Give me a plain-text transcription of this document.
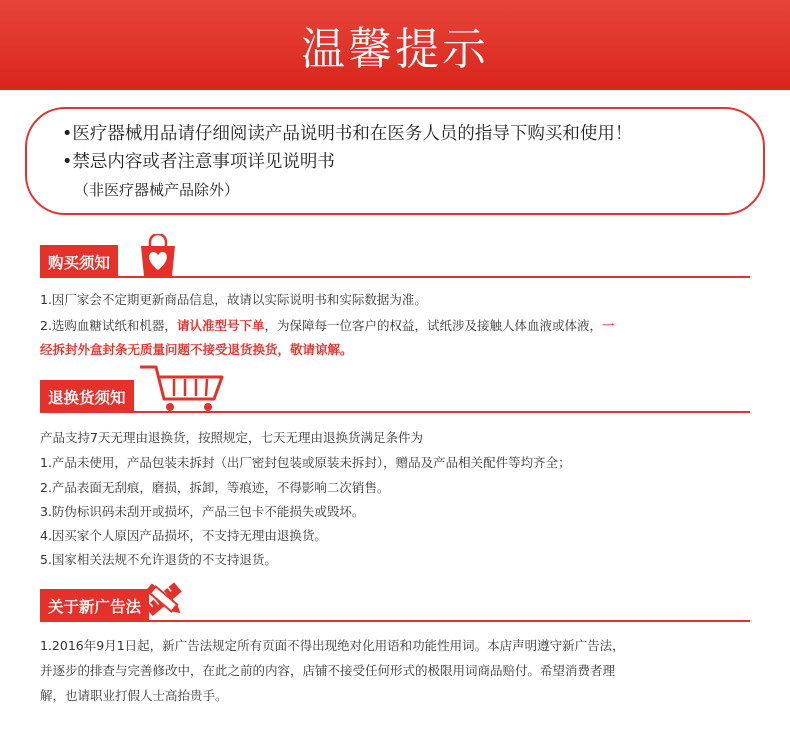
温馨提示
•医疗器械用品请仔细阅读产品说明书和在医务人员的指导下购买和使用！
•禁忌内容或者注意事项详见说明书
（非医疗器械产品除外）
购买须知
1.因厂家会不定期更新商品信息，故请以实际说明书和实际数据为准。
2.选购血糖试纸和机器，请认准型号下单，为保障每一位客户的权益，试纸涉及接触人体血液或体液，一
经拆封外盒封条无质量问题不接受退货换货，敬请谅解。
退换货须知
产品支持7天无理由退换货，按照规定，七天无理由退换货满足条件为
1.产品未使用，产品包装未拆封（出厂密封包装或原装未拆封），赠品及产品相关配件等均齐全；
2.产品表面无刮痕，磨损，拆卸，等痕迹，不得影响二次销售。
3.防伪标识码未刮开或损坏，产品三包卡不能损失或毁坏。
4.因买家个人原因产品损坏，不支持无理由退换货。
5.国家相关法规不允许退货的不支持退货。
关于新广告法
1.2016年9月1日起，新广告法规定所有页面不得出现绝对化用语和功能性用词。本店声明遵守新广告法，
并逐步的排查与完善修改中，在此之前的内容，店铺不接受任何形式的极限用词商品赔付。希望消费者理
解，也请职业打假人士高抬贵手。
